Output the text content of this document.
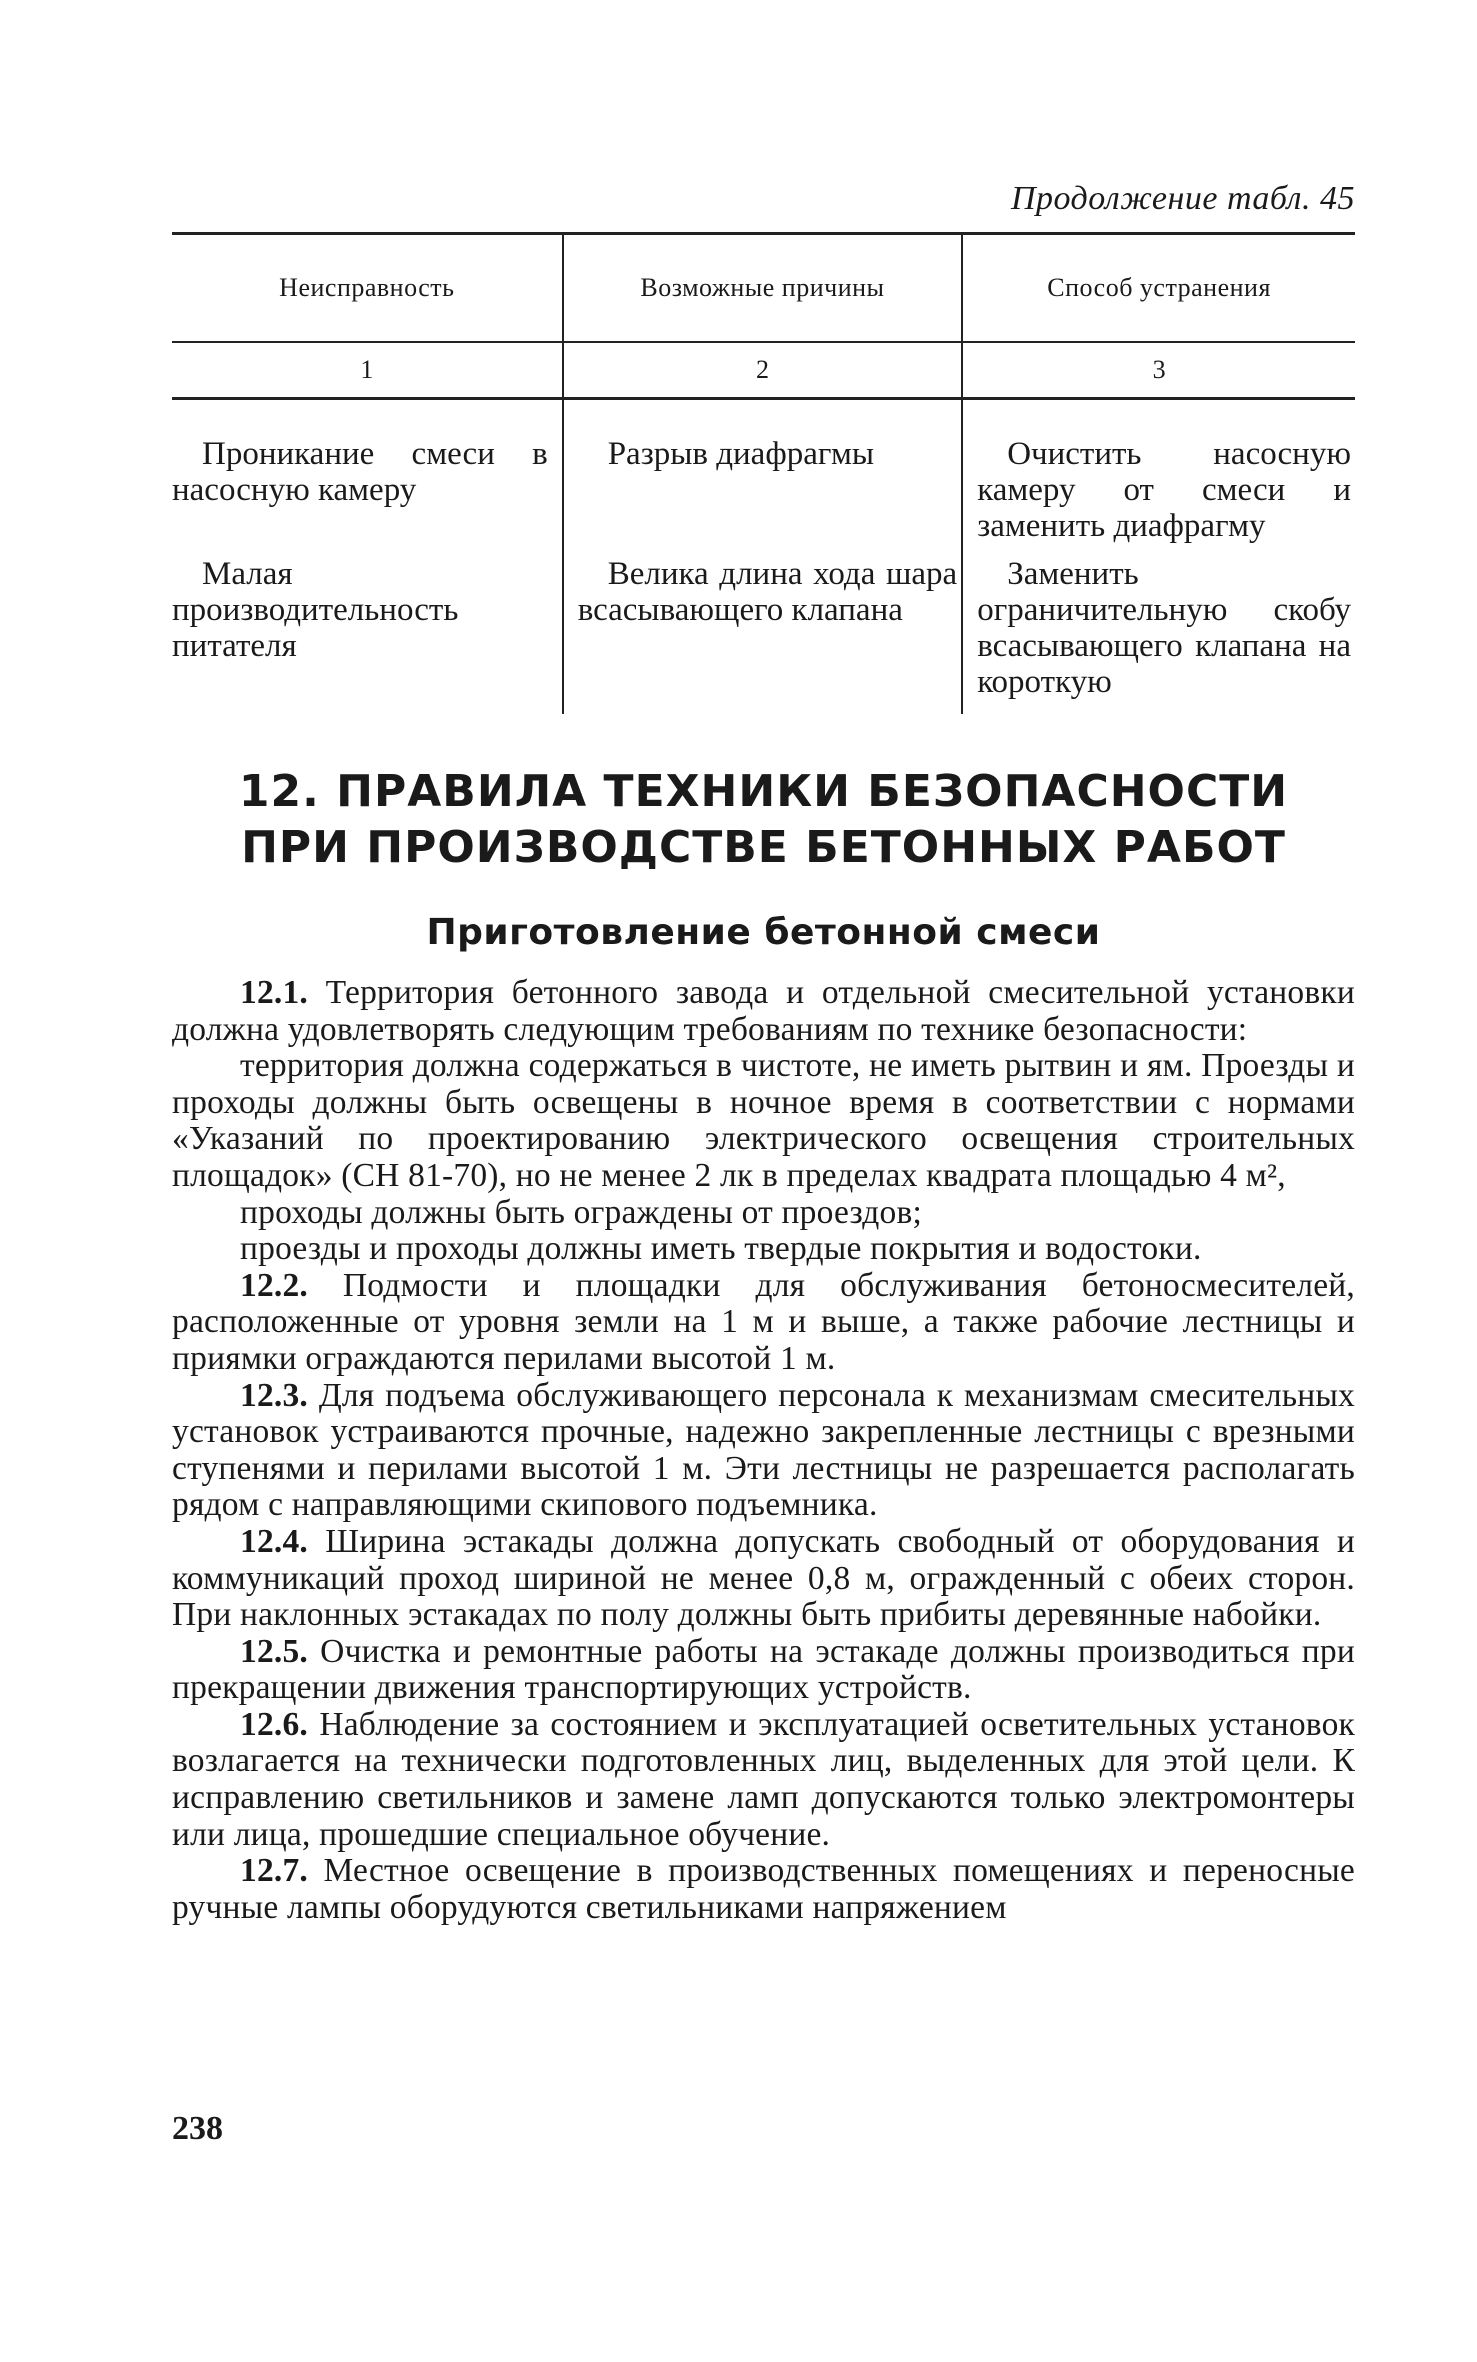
Продолжение табл. 45
Неисправность	Возможные причины	Способ устранения
1	2	3

Проникание смеси в насосную камеру	Разрыв диафрагмы	Очистить насосную камеру от смеси и заменить диафрагму

Малая производительность питателя	Велика длина хода шара всасывающего клапана	Заменить ограничительную скобу всасывающего клапана на короткую
12. ПРАВИЛА ТЕХНИКИ БЕЗОПАСНОСТИ
ПРИ ПРОИЗВОДСТВЕ БЕТОННЫХ РАБОТ
Приготовление бетонной смеси

12.1. Территория бетонного завода и отдельной смесительной установки должна удовлетворять следующим требованиям по технике безопасности:

территория должна содержаться в чистоте, не иметь рытвин и ям. Проезды и проходы должны быть освещены в ночное время в соответствии с нормами «Указаний по проектированию электрического освещения строительных площадок» (СН 81-70), но не менее 2 лк в пределах квадрата площадью 4 м²,

проходы должны быть ограждены от проездов;

проезды и проходы должны иметь твердые покрытия и водостоки.

12.2. Подмости и площадки для обслуживания бетоносмесителей, расположенные от уровня земли на 1 м и выше, а также рабочие лестницы и приямки ограждаются перилами высотой 1 м.

12.3. Для подъема обслуживающего персонала к механизмам смесительных установок устраиваются прочные, надежно закрепленные лестницы с врезными ступенями и перилами высотой 1 м. Эти лестницы не разрешается располагать рядом с направляющими скипового подъемника.

12.4. Ширина эстакады должна допускать свободный от оборудования и коммуникаций проход шириной не менее 0,8 м, огражденный с обеих сторон. При наклонных эстакадах по полу должны быть прибиты деревянные набойки.

12.5. Очистка и ремонтные работы на эстакаде должны производиться при прекращении движения транспортирующих устройств.

12.6. Наблюдение за состоянием и эксплуатацией осветительных установок возлагается на технически подготовленных лиц, выделенных для этой цели. К исправлению светильников и замене ламп допускаются только электромонтеры или лица, прошедшие специальное обучение.

12.7. Местное освещение в производственных помещениях и переносные ручные лампы оборудуются светильниками напряжением

238
